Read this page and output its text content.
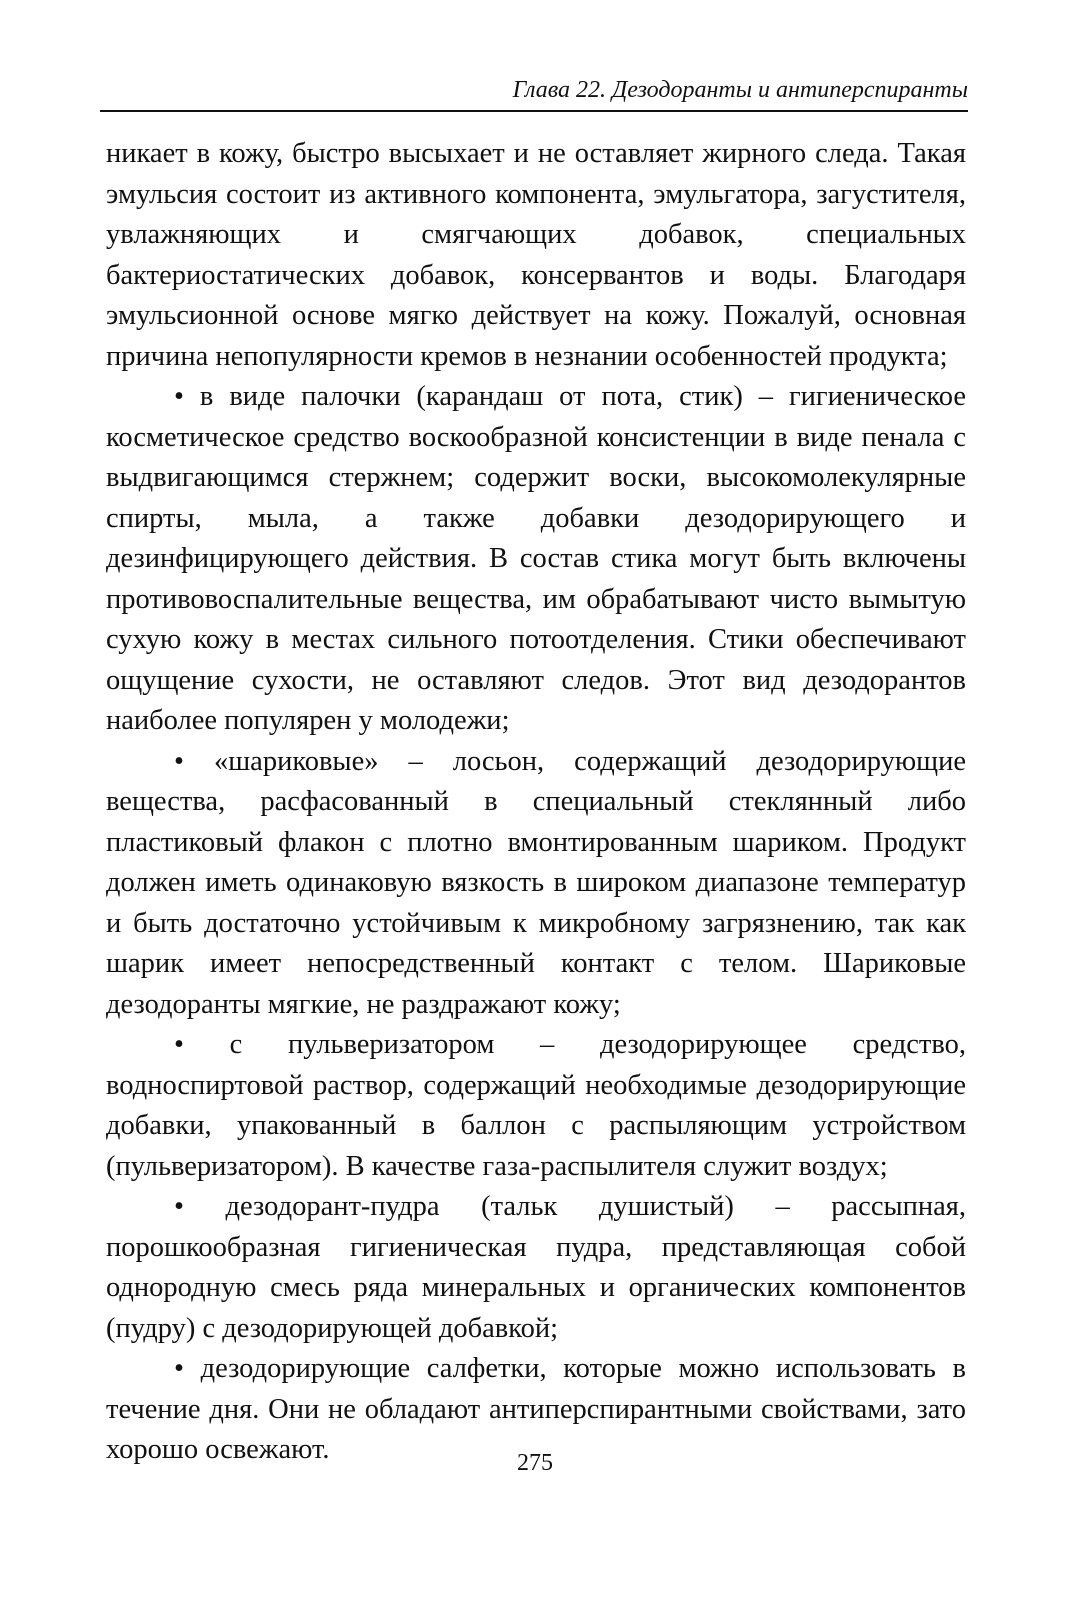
Глава 22. Дезодоранты и антиперспиранты

никает в кожу, быстро высыхает и не оставляет жирного следа. Такая эмульсия состоит из активного компонента, эмульгатора, загустителя, увлажняющих и смягчающих добавок, специальных бактериостатических добавок, консервантов и воды. Благодаря эмульсионной основе мягко действует на кожу. Пожалуй, основная причина непопулярности кремов в незнании особенностей продукта;

• в виде палочки (карандаш от пота, стик) – гигиеническое косметическое средство воскообразной консистенции в виде пенала с выдвигающимся стержнем; содержит воски, высокомолекулярные спирты, мыла, а также добавки дезодорирующего и дезинфицирующего действия. В состав стика могут быть включены противовоспалительные вещества, им обрабатывают чисто вымытую сухую кожу в местах сильного потоотделения. Стики обеспечивают ощущение сухости, не оставляют следов. Этот вид дезодорантов наиболее популярен у молодежи;

• «шариковые» – лосьон, содержащий дезодорирующие вещества, расфасованный в специальный стеклянный либо пластиковый флакон с плотно вмонтированным шариком. Продукт должен иметь одинаковую вязкость в широком диапазоне температур и быть достаточно устойчивым к микробному загрязнению, так как шарик имеет непосредственный контакт с телом. Шариковые дезодоранты мягкие, не раздражают кожу;

• с пульверизатором – дезодорирующее средство, водноспиртовой раствор, содержащий необходимые дезодорирующие добавки, упакованный в баллон с распыляющим устройством (пульверизатором). В качестве газа-распылителя служит воздух;

• дезодорант-пудра (тальк душистый) – рассыпная, порошкообразная гигиеническая пудра, представляющая собой однородную смесь ряда минеральных и органических компонентов (пудру) с дезодорирующей добавкой;

• дезодорирующие салфетки, которые можно использовать в течение дня. Они не обладают антиперспирантными свойствами, зато хорошо освежают.	275
